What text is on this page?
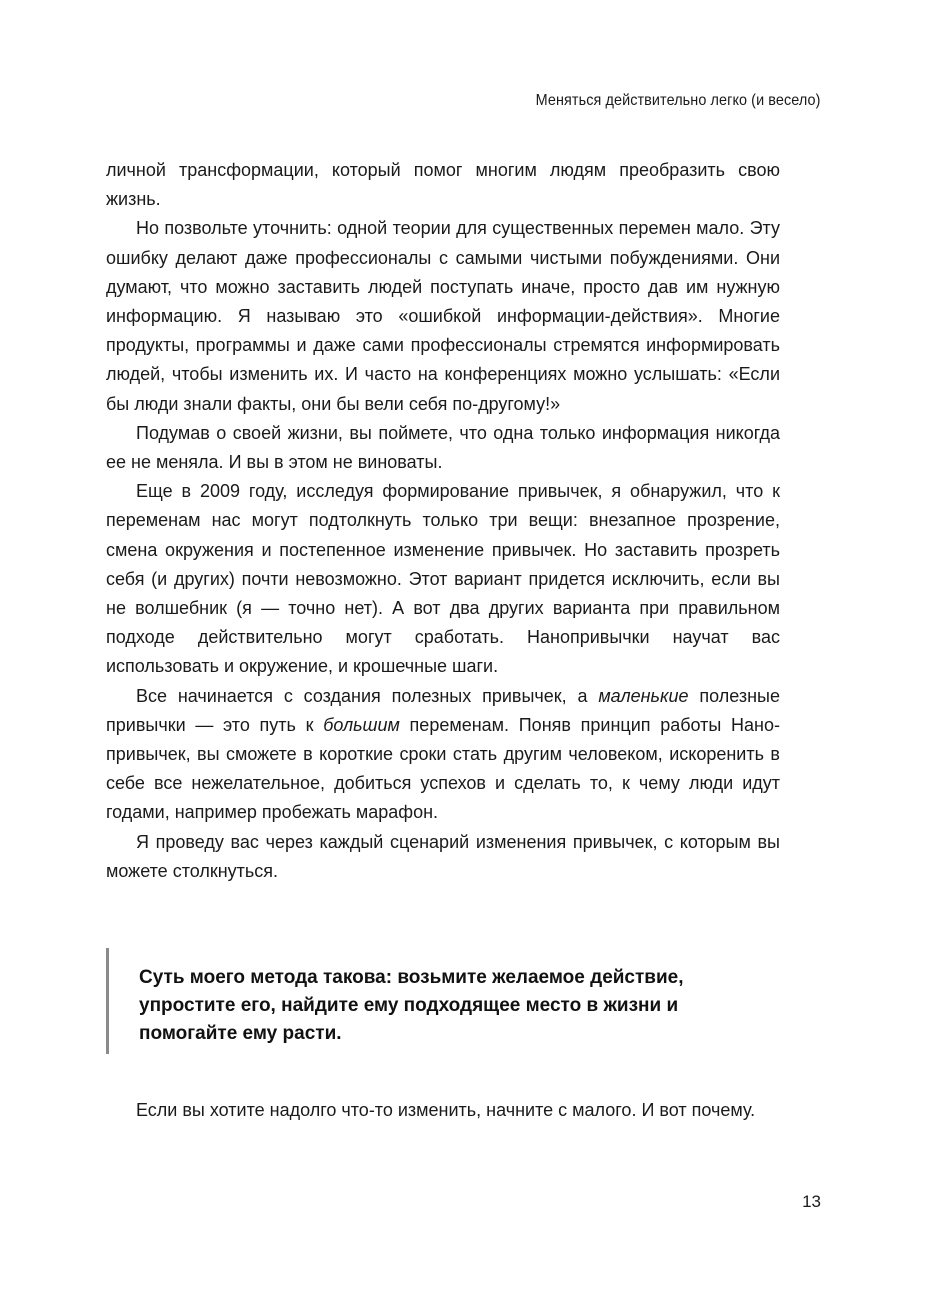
Меняться действительно легко (и весело)

личной трансформации, который помог многим людям преобразить свою жизнь.

Но позвольте уточнить: одной теории для существенных перемен мало. Эту ошибку делают даже профессионалы с самыми чистыми побуждениями. Они думают, что можно заставить людей поступать иначе, просто дав им нужную информацию. Я называю это «ошибкой информации-действия». Многие продукты, программы и даже сами профессионалы стремятся информировать людей, чтобы изменить их. И часто на конференциях можно услышать: «Если бы люди знали факты, они бы вели себя по-другому!»

Подумав о своей жизни, вы поймете, что одна только информация никогда ее не меняла. И вы в этом не виноваты.

Еще в 2009 году, исследуя формирование привычек, я обнаружил, что к переменам нас могут подтолкнуть только три вещи: внезапное прозрение, смена окружения и постепенное изменение привычек. Но заставить прозреть себя (и других) почти невозможно. Этот вариант придется исключить, если вы не волшебник (я — точно нет). А вот два других варианта при правильном подходе действительно могут сработать. Нанопривычки научат вас использовать и окружение, и крошечные шаги.

Все начинается с создания полезных привычек, а маленькие полезные привычки — это путь к большим переменам. Поняв принцип работы Нанопривычек, вы сможете в короткие сроки стать другим человеком, искоренить в себе все нежелательное, добиться успехов и сделать то, к чему люди идут годами, например пробежать марафон.

Я проведу вас через каждый сценарий изменения привычек, с которым вы можете столкнуться.

Суть моего метода такова: возьмите желаемое действие, упростите его, найдите ему подходящее место в жизни и помогайте ему расти.

Если вы хотите надолго что-то изменить, начните с малого. И вот почему.

13
